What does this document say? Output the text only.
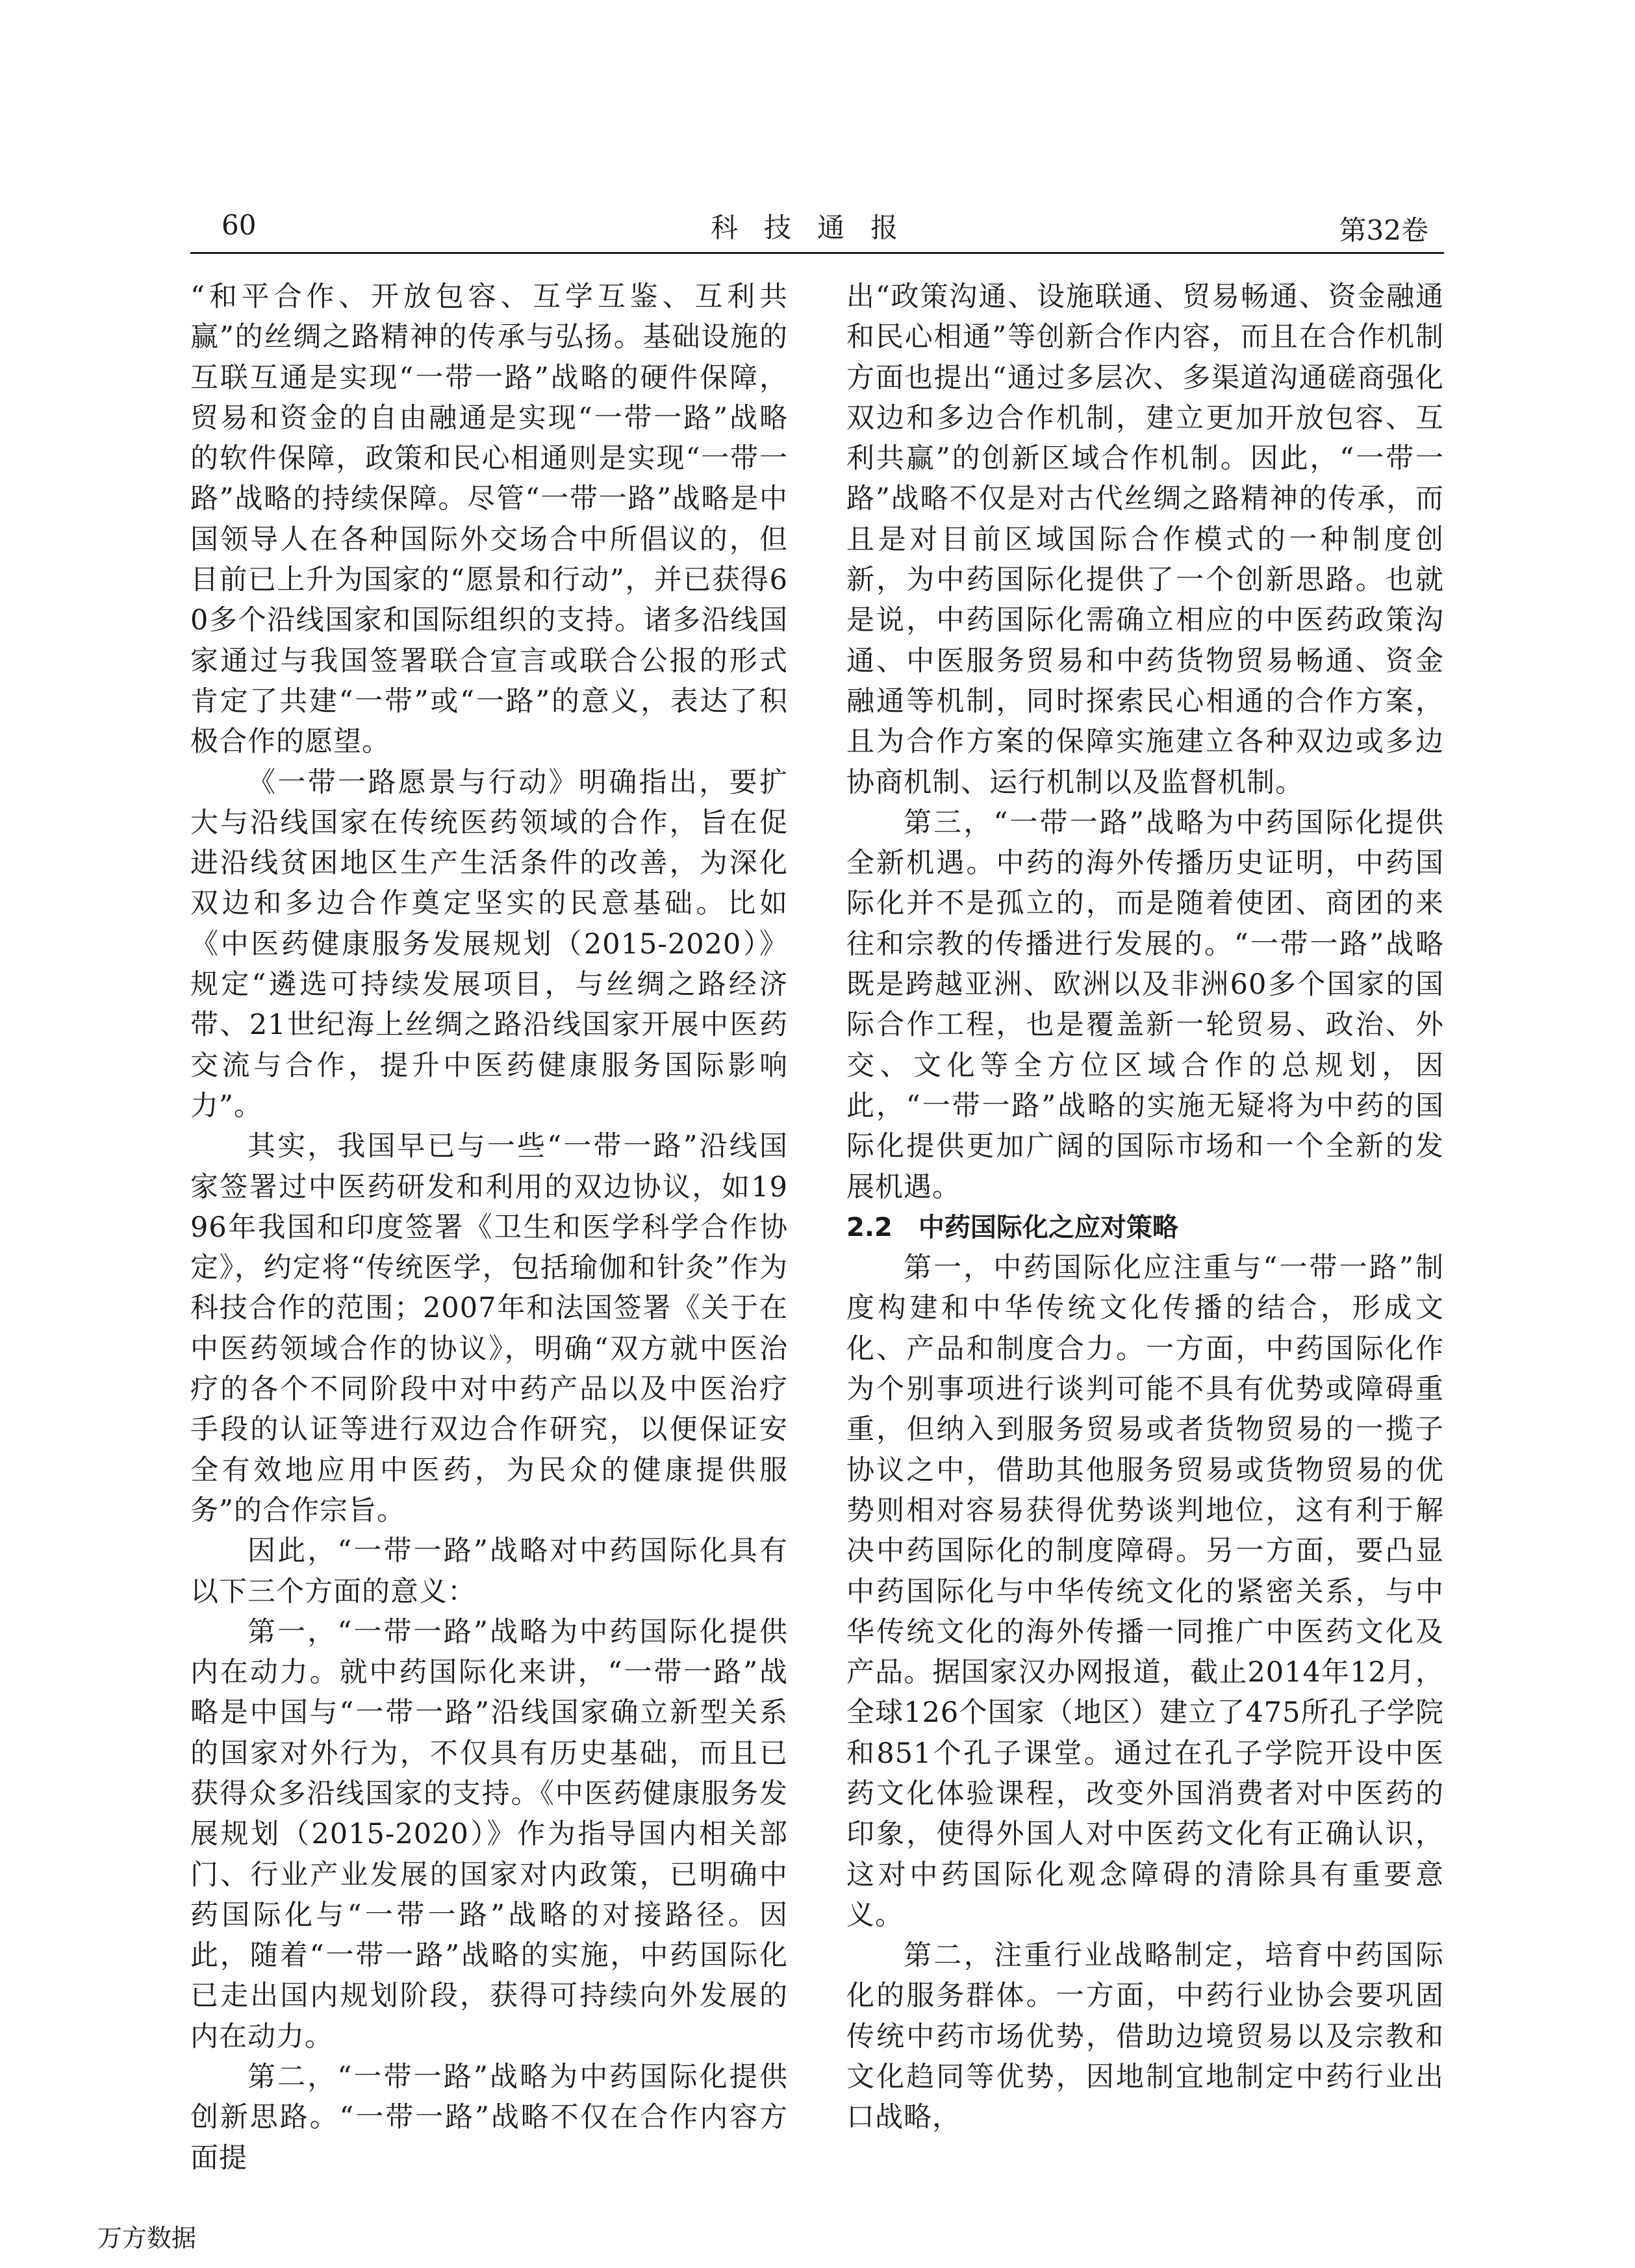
60	科技通报	第32卷

“和平合作、开放包容、互学互鉴、互利共赢”的丝绸之路精神的传承与弘扬。基础设施的互联互通是实现“一带一路”战略的硬件保障，贸易和资金的自由融通是实现“一带一路”战略的软件保障，政策和民心相通则是实现“一带一路”战略的持续保障。尽管“一带一路”战略是中国领导人在各种国际外交场合中所倡议的，但目前已上升为国家的“愿景和行动”，并已获得60多个沿线国家和国际组织的支持。诸多沿线国家通过与我国签署联合宣言或联合公报的形式肯定了共建“一带”或“一路”的意义，表达了积极合作的愿望。

《一带一路愿景与行动》明确指出，要扩大与沿线国家在传统医药领域的合作，旨在促进沿线贫困地区生产生活条件的改善，为深化双边和多边合作奠定坚实的民意基础。比如《中医药健康服务发展规划（2015-2020）》规定“遴选可持续发展项目，与丝绸之路经济带、21世纪海上丝绸之路沿线国家开展中医药交流与合作，提升中医药健康服务国际影响力”。

其实，我国早已与一些“一带一路”沿线国家签署过中医药研发和利用的双边协议，如1996年我国和印度签署《卫生和医学科学合作协定》，约定将“传统医学，包括瑜伽和针灸”作为科技合作的范围；2007年和法国签署《关于在中医药领域合作的协议》，明确“双方就中医治疗的各个不同阶段中对中药产品以及中医治疗手段的认证等进行双边合作研究，以便保证安全有效地应用中医药，为民众的健康提供服务”的合作宗旨。

因此，“一带一路”战略对中药国际化具有以下三个方面的意义：

第一，“一带一路”战略为中药国际化提供内在动力。就中药国际化来讲，“一带一路”战略是中国与“一带一路”沿线国家确立新型关系的国家对外行为，不仅具有历史基础，而且已获得众多沿线国家的支持。《中医药健康服务发展规划（2015-2020）》作为指导国内相关部门、行业产业发展的国家对内政策，已明确中药国际化与“一带一路”战略的对接路径。因此，随着“一带一路”战略的实施，中药国际化已走出国内规划阶段，获得可持续向外发展的内在动力。

第二，“一带一路”战略为中药国际化提供创新思路。“一带一路”战略不仅在合作内容方面提

出“政策沟通、设施联通、贸易畅通、资金融通和民心相通”等创新合作内容，而且在合作机制方面也提出“通过多层次、多渠道沟通磋商强化双边和多边合作机制，建立更加开放包容、互利共赢”的创新区域合作机制。因此，“一带一路”战略不仅是对古代丝绸之路精神的传承，而且是对目前区域国际合作模式的一种制度创新，为中药国际化提供了一个创新思路。也就是说，中药国际化需确立相应的中医药政策沟通、中医服务贸易和中药货物贸易畅通、资金融通等机制，同时探索民心相通的合作方案，且为合作方案的保障实施建立各种双边或多边协商机制、运行机制以及监督机制。

第三，“一带一路”战略为中药国际化提供全新机遇。中药的海外传播历史证明，中药国际化并不是孤立的，而是随着使团、商团的来往和宗教的传播进行发展的。“一带一路”战略既是跨越亚洲、欧洲以及非洲60多个国家的国际合作工程，也是覆盖新一轮贸易、政治、外交、文化等全方位区域合作的总规划，因此，“一带一路”战略的实施无疑将为中药的国际化提供更加广阔的国际市场和一个全新的发展机遇。

2.2　中药国际化之应对策略

第一，中药国际化应注重与“一带一路”制度构建和中华传统文化传播的结合，形成文化、产品和制度合力。一方面，中药国际化作为个别事项进行谈判可能不具有优势或障碍重重，但纳入到服务贸易或者货物贸易的一揽子协议之中，借助其他服务贸易或货物贸易的优势则相对容易获得优势谈判地位，这有利于解决中药国际化的制度障碍。另一方面，要凸显中药国际化与中华传统文化的紧密关系，与中华传统文化的海外传播一同推广中医药文化及产品。据国家汉办网报道，截止2014年12月，全球126个国家（地区）建立了475所孔子学院和851个孔子课堂。通过在孔子学院开设中医药文化体验课程，改变外国消费者对中医药的印象，使得外国人对中医药文化有正确认识，这对中药国际化观念障碍的清除具有重要意义。

第二，注重行业战略制定，培育中药国际化的服务群体。一方面，中药行业协会要巩固传统中药市场优势，借助边境贸易以及宗教和文化趋同等优势，因地制宜地制定中药行业出口战略，

万方数据
